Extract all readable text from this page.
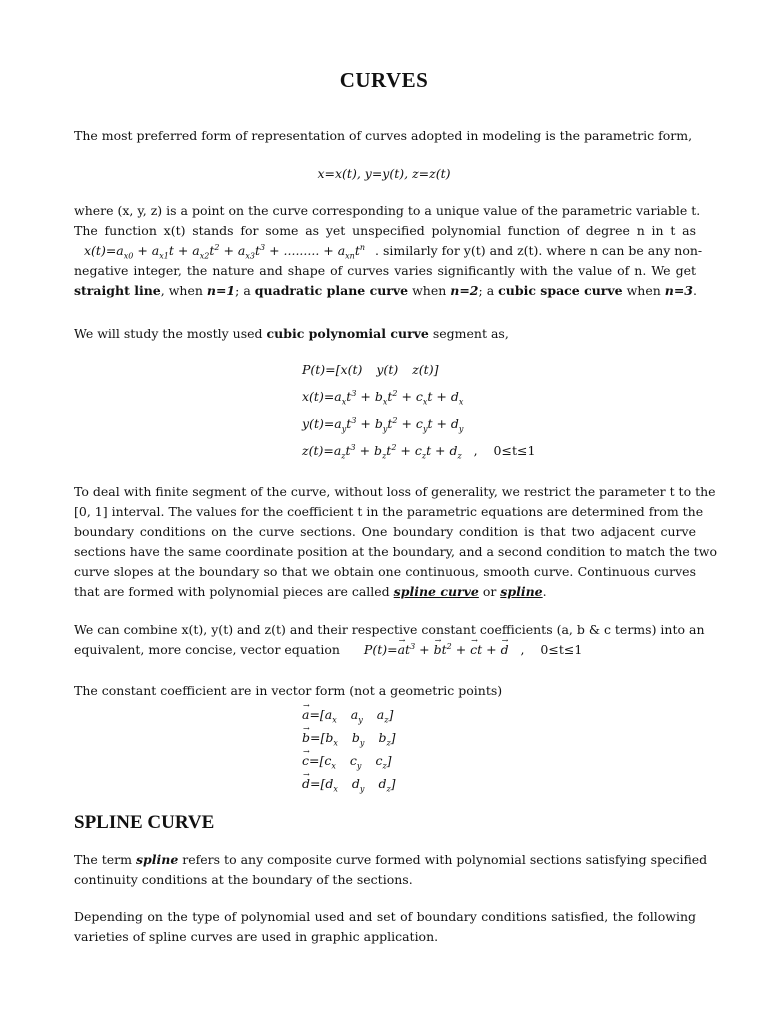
CURVES
The most preferred form of representation of curves adopted in modeling is the parametric form,
x=x(t), y=y(t), z=z(t)
where (x, y, z) is a point on the curve corresponding to a unique value of the parametric variable t.
The function x(t) stands for some as yet unspecified polynomial function of degree n in t as
$x(t)=a_{x0} + a_{x1}t + a_{x2}t^2 + a_{x3}t^3$ + ......... + $a_{xn}t^n$ . similarly for y(t) and z(t). where n can be any non-
negative integer, the nature and shape of curves varies significantly with the value of n. We get
straight line, when n=1; a quadratic plane curve when n=2; a cubic space curve when n=3.
We will study the mostly used cubic polynomial curve segment as,
P(t)=[x(t) y(t) z(t)]
$x(t)=a_xt^3 + b_xt^2 + c_xt + d_x$
$y(t)=a_yt^3 + b_yt^2 + c_yt + d_y$
$z(t)=a_zt^3 + b_zt^2 + c_zt + d_z$   ,    0≤t≤1
To deal with finite segment of the curve, without loss of generality, we restrict the parameter t to the
[0, 1] interval. The values for the coefficient t in the parametric equations are determined from the
boundary conditions on the curve sections. One boundary condition is that two adjacent curve
sections have the same coordinate position at the boundary, and a second condition to match the two
curve slopes at the boundary so that we obtain one continuous, smooth curve. Continuous curves
that are formed with polynomial pieces are called spline curve or spline.
We can combine x(t), y(t) and z(t) and their respective constant coefficients (a, b & c terms) into an
equivalent, more concise, vector equation $P(t)=\to at^3$ + → $bt^2$ + → ct + → d   ,    0≤t≤1
The constant coefficient are in vector form (not a geometric points)
→ $a=[a_x$ $a_y$ $a_z$]
→ $b=[b_x$ $b_y$ $b_z$]
→ $c=[c_x$ $c_y$ $c_z$]
→ $d=[d_x$ $d_y$ $d_z$]
SPLINE CURVE
The term spline refers to any composite curve formed with polynomial sections satisfying specified
continuity conditions at the boundary of the sections.
Depending on the type of polynomial used and set of boundary conditions satisfied, the following
varieties of spline curves are used in graphic application.
